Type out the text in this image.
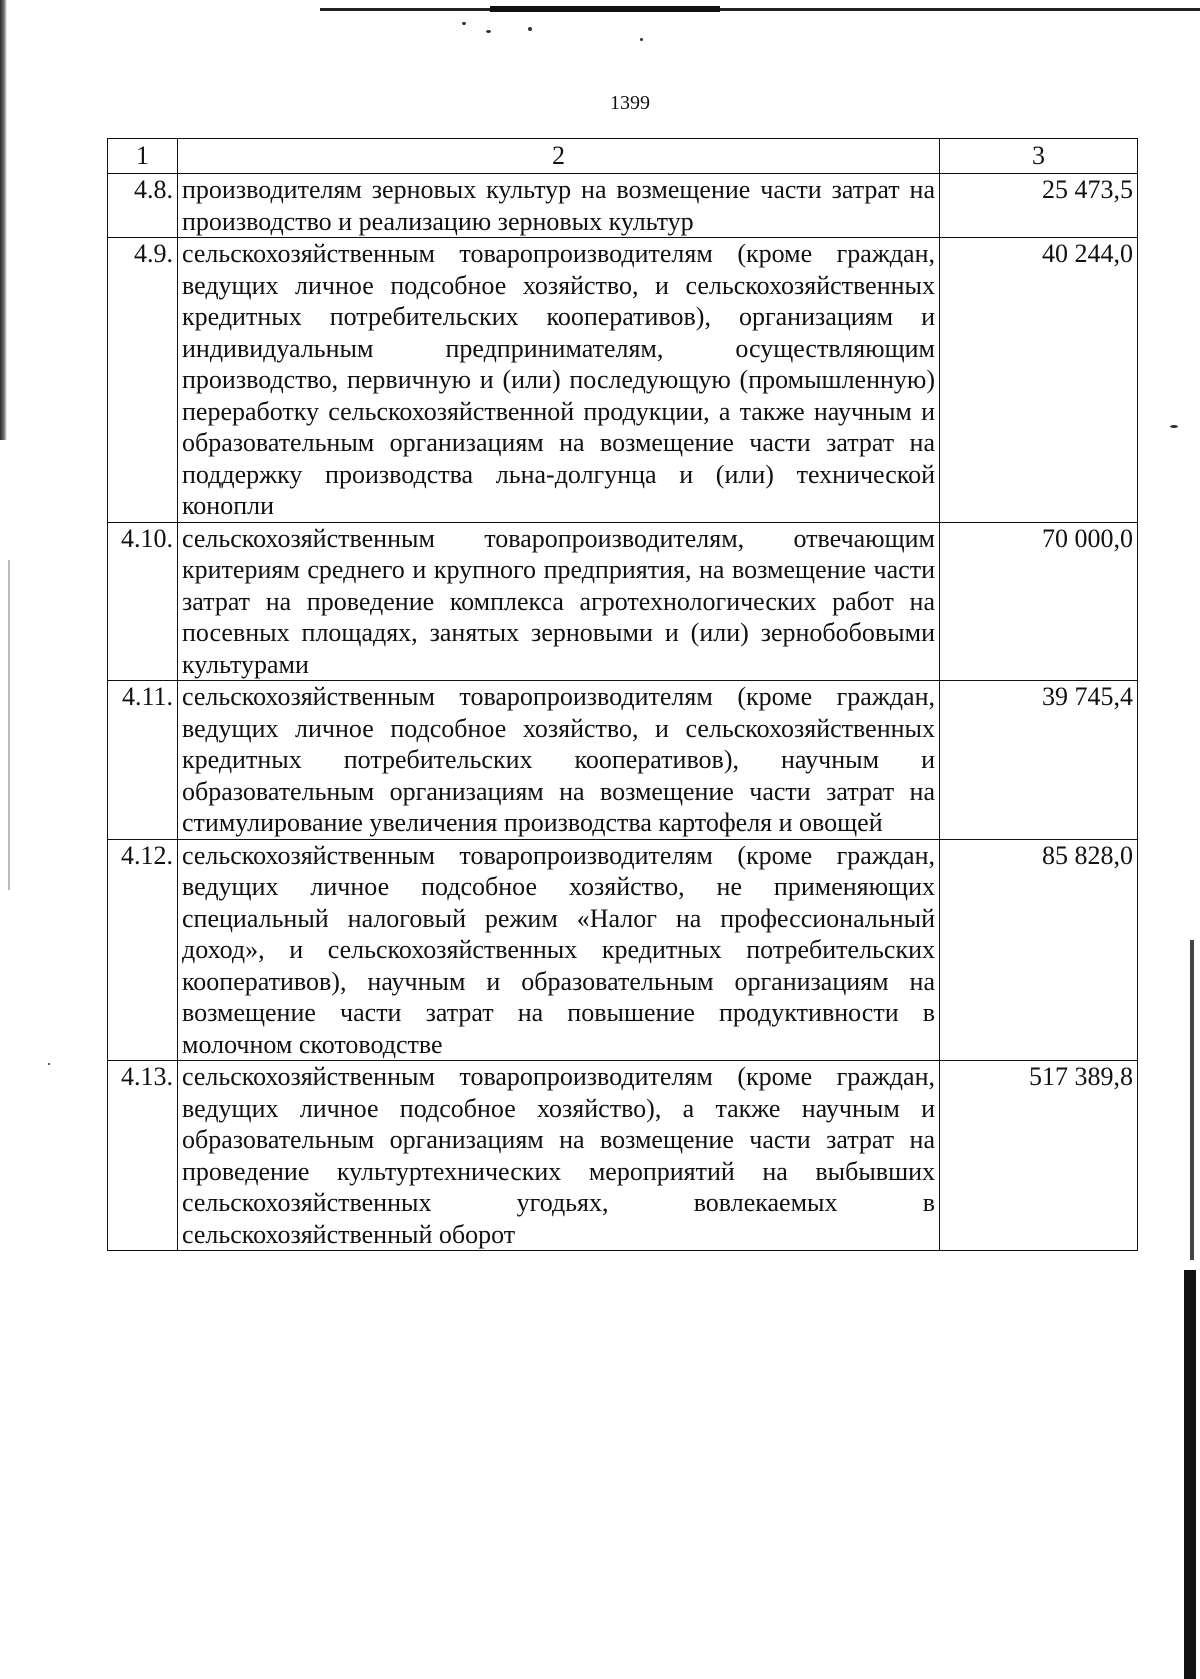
1399
1	2	3
4.8.	производителям зерновых культур на возмещение части затрат на производство и реализацию зерновых культур	25 473,5
4.9.	сельскохозяйственным товаропроизводителям (кроме граждан, ведущих личное подсобное хозяйство, и сельскохозяйственных кредитных потребительских кооперативов), организациям и индивидуальным предпринимателям, осуществляющим производство, первичную и (или) последующую (промышленную) переработку сельскохозяйственной продукции, а также научным и образовательным организациям на возмещение части затрат на поддержку производства льна-долгунца и (или) технической конопли	40 244,0
4.10.	сельскохозяйственным товаропроизводителям, отвечающим критериям среднего и крупного предприятия, на возмещение части затрат на проведение комплекса агротехнологических работ на посевных площадях, занятых зерновыми и (или) зернобобовыми культурами	70 000,0
4.11.	сельскохозяйственным товаропроизводителям (кроме граждан, ведущих личное подсобное хозяйство, и сельскохозяйственных кредитных потребительских кооперативов), научным и образовательным организациям на возмещение части затрат на стимулирование увеличения производства картофеля и овощей	39 745,4
4.12.	сельскохозяйственным товаропроизводителям (кроме граждан, ведущих личное подсобное хозяйство, не применяющих специальный налоговый режим «Налог на профессиональный доход», и сельскохозяйственных кредитных потребительских кооперативов), научным и образовательным организациям на возмещение части затрат на повышение продуктивности в молочном скотоводстве	85 828,0
4.13.	сельскохозяйственным товаропроизводителям (кроме граждан, ведущих личное подсобное хозяйство), а также научным и образовательным организациям на возмещение части затрат на проведение культуртехнических мероприятий на выбывших сельскохозяйственных угодьях, вовлекаемых в сельскохозяйственный оборот	517 389,8
